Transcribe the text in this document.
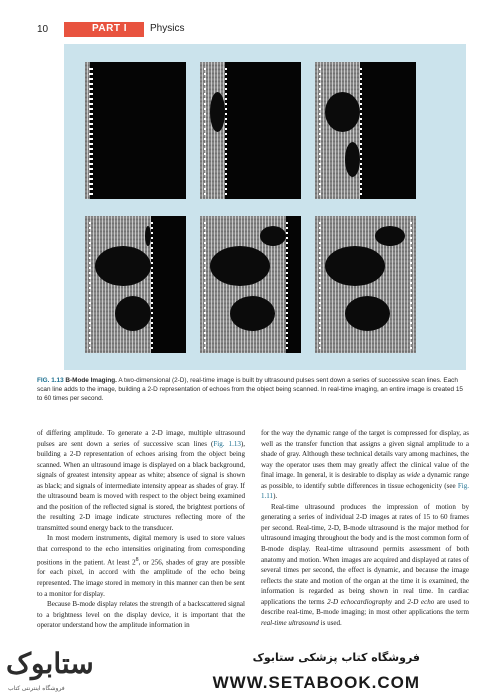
10	PART I Physics
FIG. 1.13 B-Mode Imaging. A two-dimensional (2-D), real-time image is built by ultrasound pulses sent down a series of successive scan lines. Each scan line adds to the image, building a 2-D representation of echoes from the object being scanned. In real-time imaging, an entire image is created 15 to 60 times per second.

of differing amplitude. To generate a 2-D image, multiple ultrasound pulses are sent down a series of successive scan lines (Fig. 1.13), building a 2-D representation of echoes arising from the object being scanned. When an ultrasound image is displayed on a black background, signals of greatest intensity appear as white; absence of signal is shown as black; and signals of intermediate intensity appear as shades of gray. If the ultrasound beam is moved with respect to the object being examined and the position of the reflected signal is stored, the brightest portions of the resulting 2-D image indicate structures reflecting more of the transmitted sound energy back to the transducer.

In most modern instruments, digital memory is used to store values that correspond to the echo intensities originating from corresponding positions in the patient. At least $2^8$, or 256, shades of gray are possible for each pixel, in accord with the amplitude of the echo being represented. The image stored in memory in this manner can then be sent to a monitor for display.

Because B-mode display relates the strength of a backscattered signal to a brightness level on the display device, it is important that the operator understand how the amplitude information in

for the way the dynamic range of the target is compressed for display, as well as the transfer function that assigns a given signal amplitude to a shade of gray. Although these technical details vary among machines, the way the operator uses them may greatly affect the clinical value of the final image. In general, it is desirable to display as wide a dynamic range as possible, to identify subtle differences in tissue echogenicity (see Fig. 1.11).

Real-time ultrasound produces the impression of motion by generating a series of individual 2-D images at rates of 15 to 60 frames per second. Real-time, 2-D, B-mode ultrasound is the major method for ultrasound imaging throughout the body and is the most common form of B-mode display. Real-time ultrasound permits assessment of both anatomy and motion. When images are acquired and displayed at rates of several times per second, the effect is dynamic, and because the image reflects the state and motion of the organ at the time it is examined, the information is regarded as being shown in real time. In cardiac applications the terms 2-D echocardiography and 2-D echo are used to describe real-time, B-mode imaging; in most other applications the term real-time ultrasound is used.

ستابوک
فروشگاه اینترنتی کتاب
فروشگاه کتاب پزشکی ستابوک
WWW.SETABOOK.COM
